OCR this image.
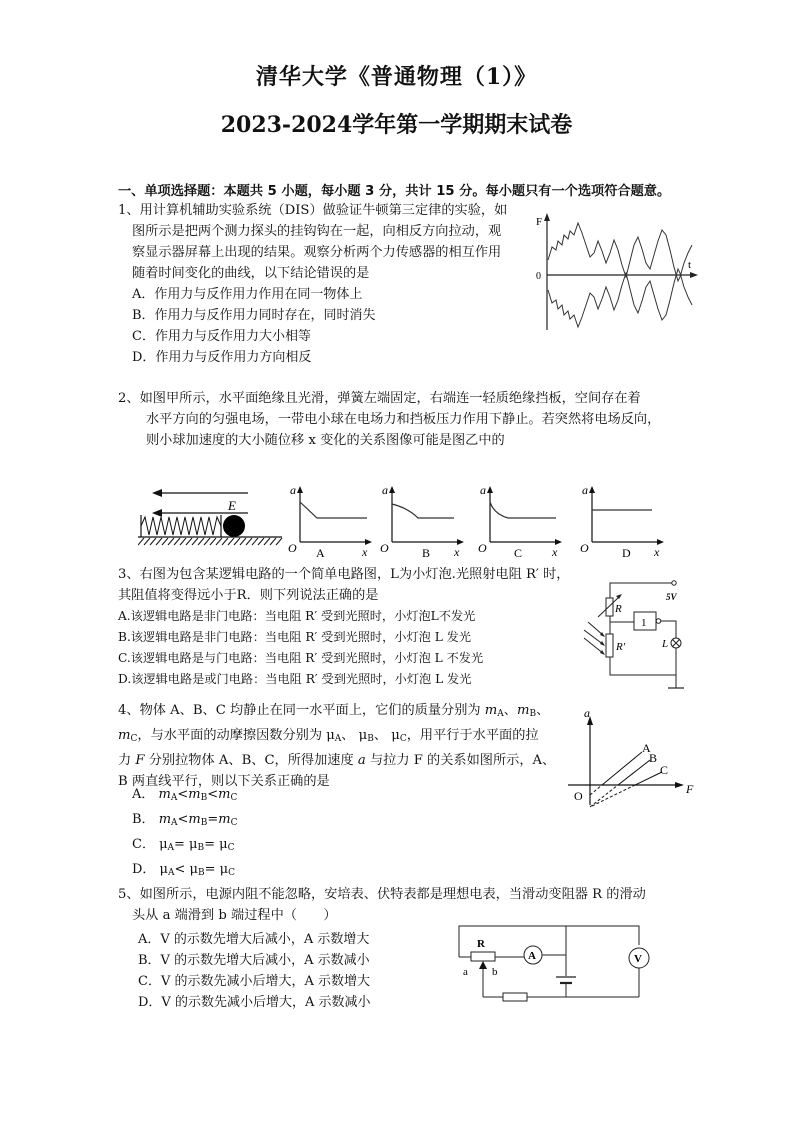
清华大学《普通物理（1）》
2023-2024学年第一学期期末试卷
一、单项选择题：本题共 5 小题，每小题 3 分，共计 15 分。每小题只有一个选项符合题意。
1、用计算机辅助实验系统（DIS）做验证牛顿第三定律的实验，如
图所示是把两个测力探头的挂钩钩在一起，向相反方向拉动，观
察显示器屏幕上出现的结果。观察分析两个力传感器的相互作用
随着时间变化的曲线，以下结论错误的是
A．作用力与反作用力作用在同一物体上
B．作用力与反作用力同时存在，同时消失
C．作用力与反作用力大小相等
D．作用力与反作用力方向相反
F
t
0
2、如图甲所示，水平面绝缘且光滑，弹簧左端固定，右端连一轻质绝缘挡板，空间存在着
水平方向的匀强电场，一带电小球在电场力和挡板压力作用下静止。若突然将电场反向，
则小球加速度的大小随位移 x 变化的关系图像可能是图乙中的
E
a
O	x
A
a
O	x
B
a
O	x
C
a
O	x
D
3、右图为包含某逻辑电路的一个简单电路图，L为小灯泡.光照射电阻 R′ 时，
其阻值将变得远小于R．则下列说法正确的是
A.该逻辑电路是非门电路：当电阻 R′ 受到光照时，小灯泡L不发光
B.该逻辑电路是非门电路：当电阻 R′ 受到光照时，小灯泡 L 发光
C.该逻辑电路是与门电路：当电阻 R′ 受到光照时，小灯泡 L 不发光
D.该逻辑电路是或门电路：当电阻 R′ 受到光照时，小灯泡 L 发光
5V
R
1
L
R′
4、物体 A、B、C 均静止在同一水平面上，它们的质量分别为 $m_A$、$m_B$、
$m_C$，与水平面的动摩擦因数分别为 $\mu_A$、 $\mu_B$、 $\mu_C$，用平行于水平面的拉
力 F 分别拉物体 A、B、C，所得加速度 a 与拉力 F 的关系如图所示，A、
B 两直线平行，则以下关系正确的是
A． $m_A<m_B<m_C$
B． $m_A<m_B=m_C$
C． $\mu_A= \mu_B= \mu_C$
D． $\mu_A< \mu_B= \mu_C$
a
F
O
A
B
C
5、如图所示，电源内阻不能忽略，安培表、伏特表都是理想电表，当滑动变阻器 R 的滑动
头从 a 端滑到 b 端过程中（　　）
A．V 的示数先增大后减小，A 示数增大
B．V 的示数先增大后减小，A 示数减小
C．V 的示数先减小后增大，A 示数增大
D．V 的示数先减小后增大，A 示数减小
R
a b
A	V
